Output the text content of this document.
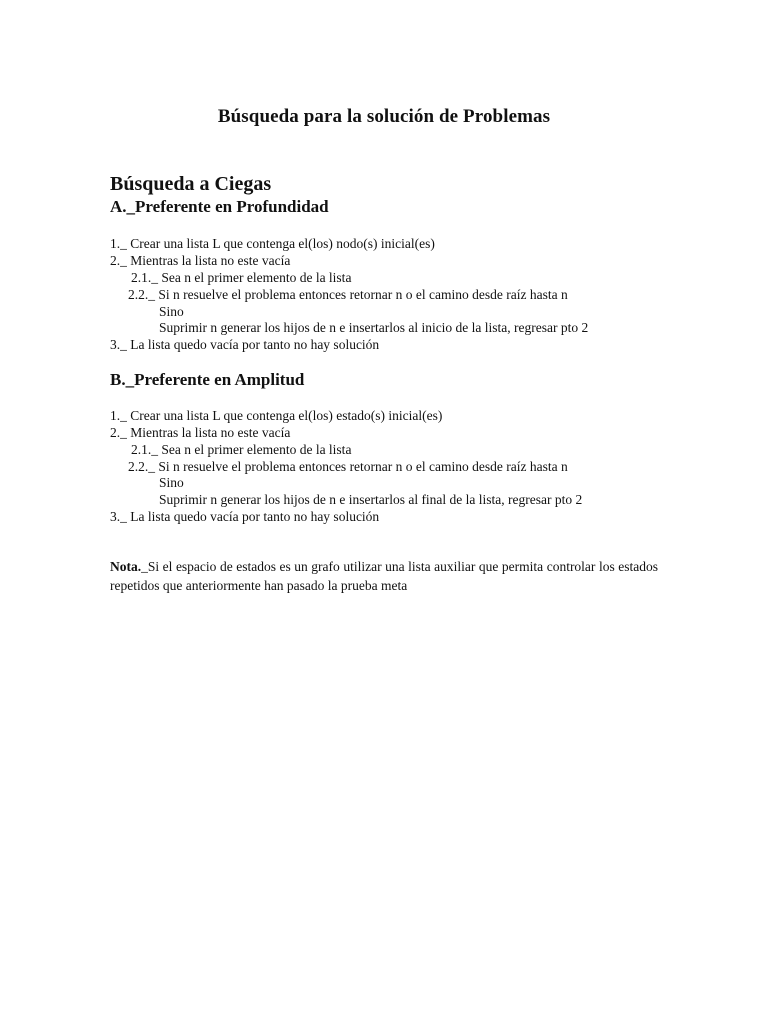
Búsqueda para la solución de Problemas
Búsqueda a Ciegas
A._Preferente en Profundidad
1._ Crear una lista L que contenga el(los) nodo(s) inicial(es)
2._ Mientras la lista no este vacía
2.1._ Sea n el primer elemento de la lista
2.2._ Si n resuelve el problema entonces retornar n o el camino desde raíz hasta n
Sino
Suprimir n generar los hijos de n e insertarlos al inicio de la lista, regresar pto 2
3._ La lista quedo vacía por tanto no hay solución
B._Preferente en Amplitud
1._ Crear una lista L que contenga el(los) estado(s) inicial(es)
2._ Mientras la lista no este vacía
2.1._ Sea n el primer elemento de la lista
2.2._ Si n resuelve el problema entonces retornar n o el camino desde raíz hasta n
Sino
Suprimir n generar los hijos de n e insertarlos al final de la lista, regresar pto 2
3._ La lista quedo vacía por tanto no hay solución
Nota._Si el espacio de estados es un grafo utilizar una lista auxiliar que permita controlar los estados repetidos que anteriormente han pasado la prueba meta
